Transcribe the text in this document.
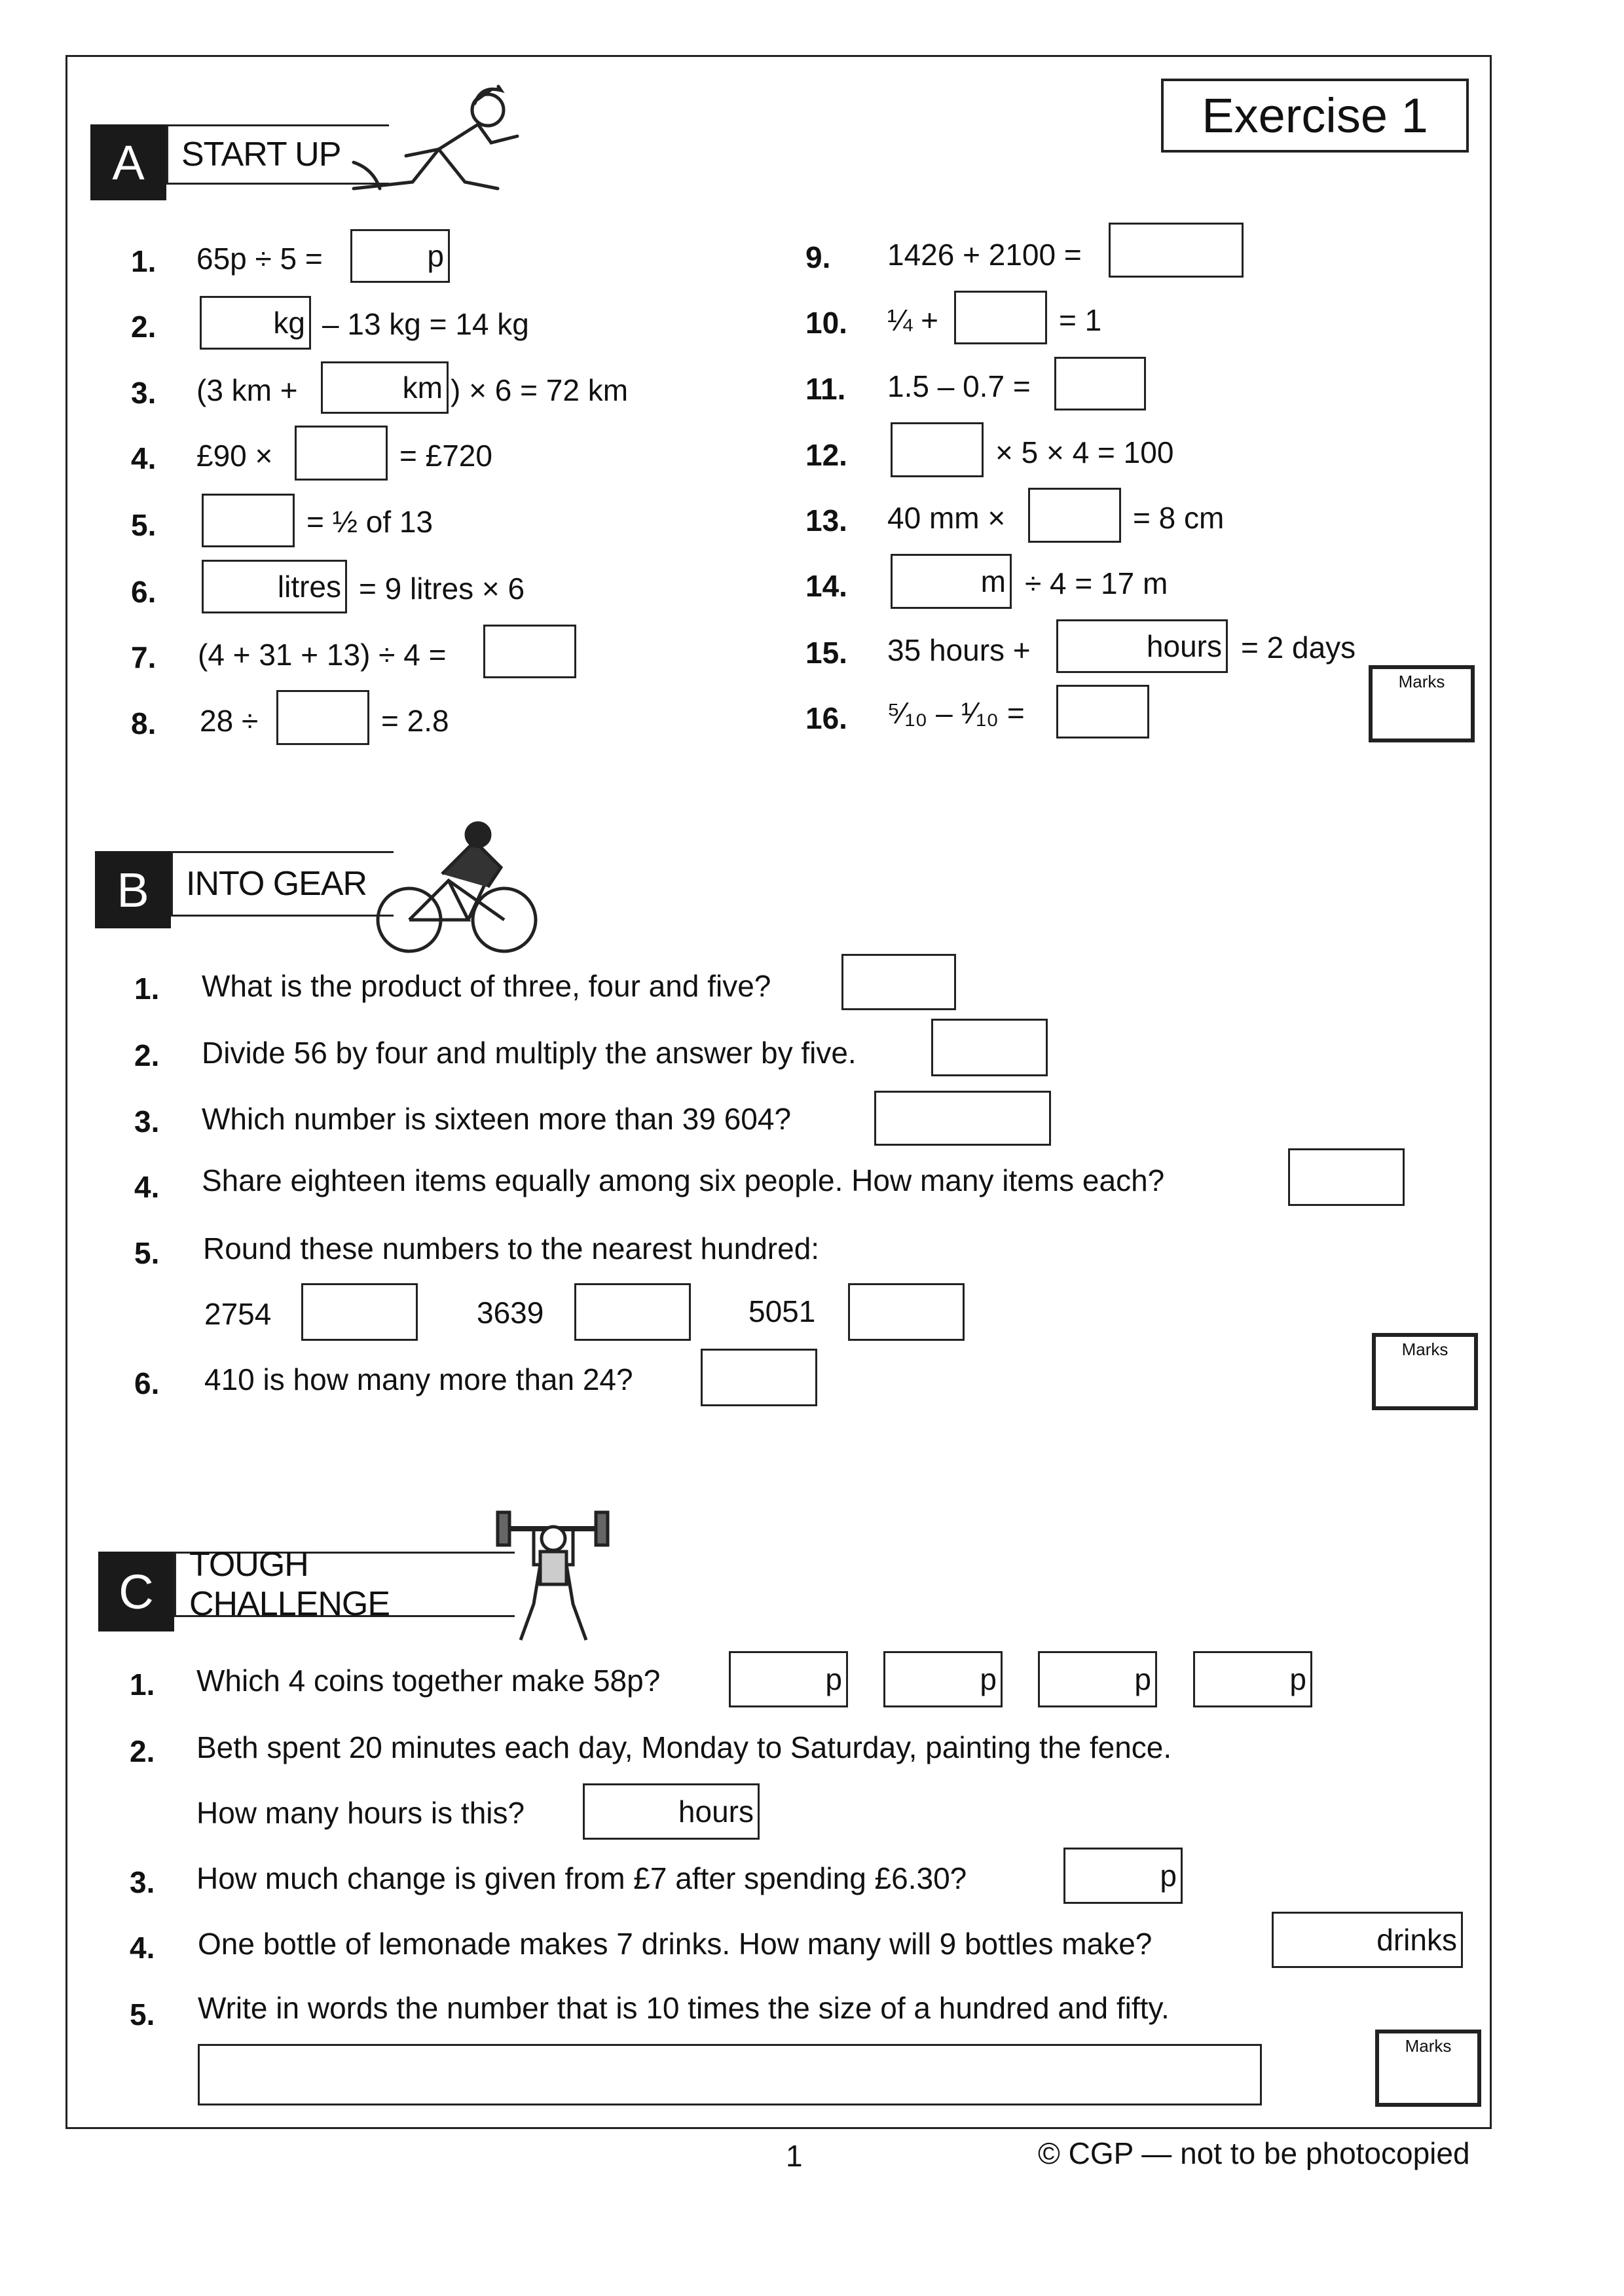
Exercise 1
A	START UP
1. 65p ÷ 5 =	p
2.	kg – 13 kg = 14 kg
3. (3 km +	km ) × 6 = 72 km
4. £90 ×	= £720
5.	= ½ of 13
6.	litres = 9 litres × 6
7. (4 + 31 + 13) ÷ 4 =
8. 28 ÷	= 2.8
9. 1426 + 2100 =
10. ¼ +	= 1
11. 1.5 – 0.7 =
12.	× 5 × 4 = 100
13. 40 mm ×	= 8 cm
14.	m ÷ 4 = 17 m
15. 35 hours +	hours = 2 days
16. ⁵⁄₁₀ – ¹⁄₁₀ =
Marks
B	INTO GEAR
1. What is the product of three, four and five?
2. Divide 56 by four and multiply the answer by five.
3. Which number is sixteen more than 39 604?
4. Share eighteen items equally among six people. How many items each?
5. Round these numbers to the nearest hundred:
2754	3639	5051
6. 410 is how many more than 24?
Marks
C	TOUGH CHALLENGE
1. Which 4 coins together make 58p?	p	p	p	p
2. Beth spent 20 minutes each day, Monday to Saturday, painting the fence.
How many hours is this?	hours
3. How much change is given from £7 after spending £6.30?	p
4. One bottle of lemonade makes 7 drinks. How many will 9 bottles make?	drinks
5. Write in words the number that is 10 times the size of a hundred and fifty.
Marks
1	© CGP — not to be photocopied
